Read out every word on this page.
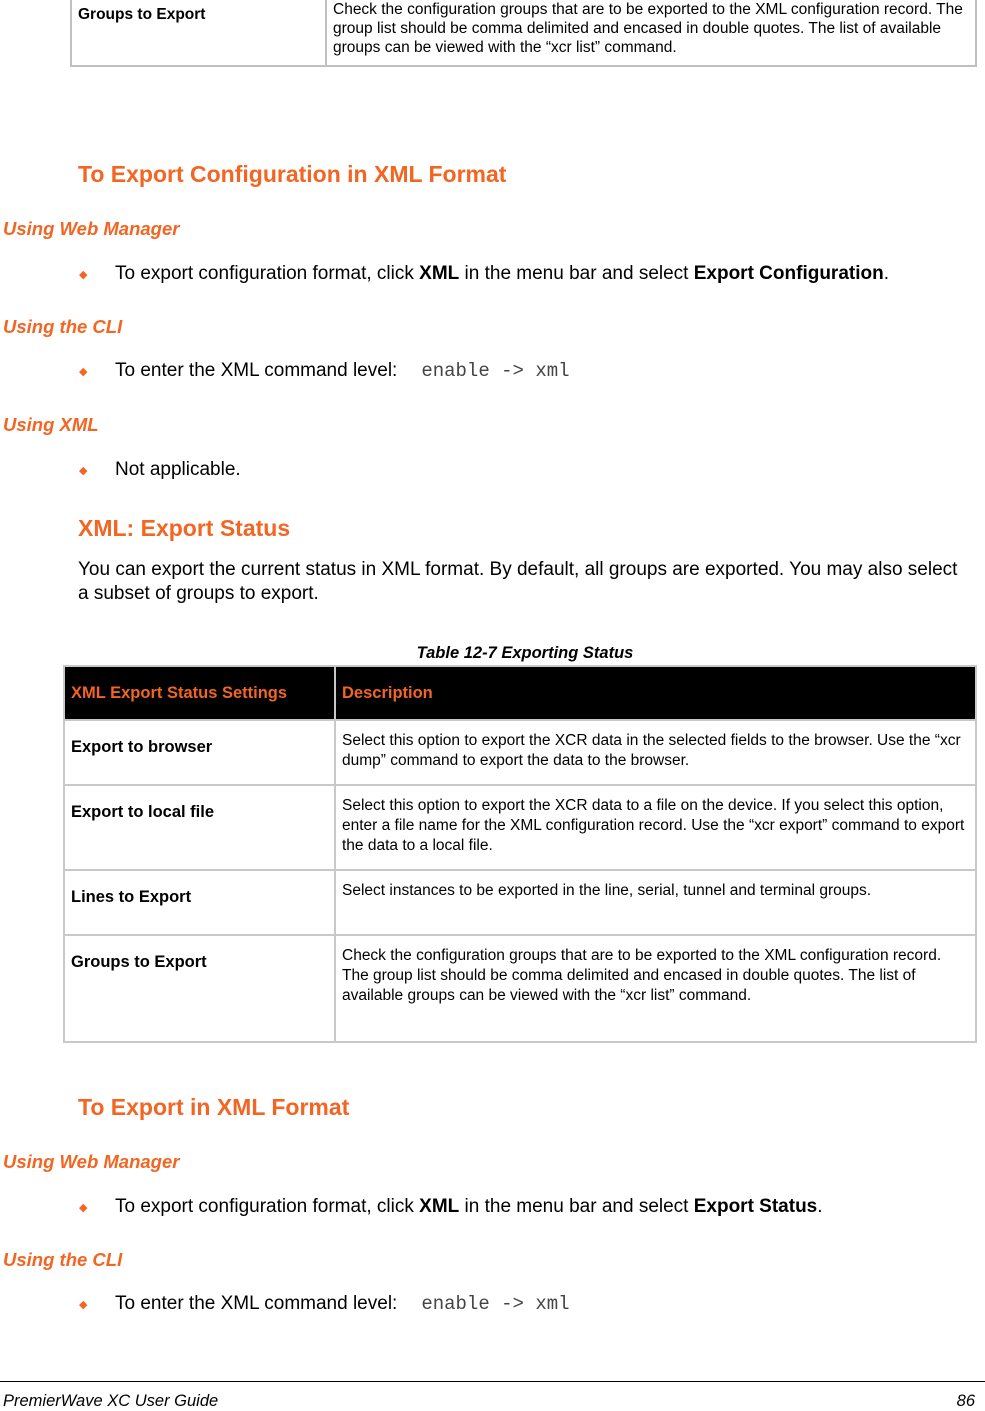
Groups to Export	Check the configuration groups that are to be exported to the XML configuration record. The group list should be comma delimited and encased in double quotes. The list of available groups can be viewed with the “xcr list” command.
To Export Configuration in XML Format
Using Web Manager
◆	To export configuration format, click XML in the menu bar and select Export Configuration.
Using the CLI
◆	To enter the XML command level: enable -> xml
Using XML
◆	Not applicable.
XML: Export Status
You can export the current status in XML format. By default, all groups are exported. You may also select a subset of groups to export.
Table 12-7 Exporting Status
XML Export Status Settings	Description
Export to browser	Select this option to export the XCR data in the selected fields to the browser. Use the “xcr dump” command to export the data to the browser.
Export to local file	Select this option to export the XCR data to a file on the device. If you select this option, enter a file name for the XML configuration record. Use the “xcr export” command to export the data to a local file.
Lines to Export	Select instances to be exported in the line, serial, tunnel and terminal groups.
Groups to Export	Check the configuration groups that are to be exported to the XML configuration record. The group list should be comma delimited and encased in double quotes. The list of available groups can be viewed with the “xcr list” command.
To Export in XML Format
Using Web Manager
◆	To export configuration format, click XML in the menu bar and select Export Status.
Using the CLI
◆	To enter the XML command level: enable -> xml
PremierWave XC User Guide	86
